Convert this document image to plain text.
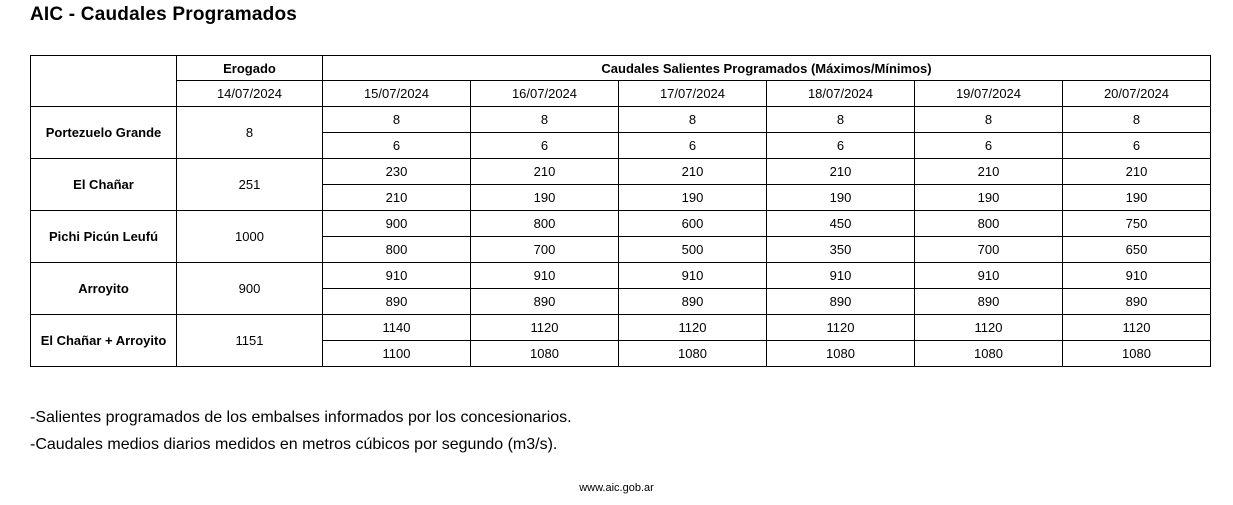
AIC - Caudales Programados
	Erogado	Caudales Salientes Programados (Máximos/Mínimos)					
	14/07/2024	15/07/2024	16/07/2024	17/07/2024	18/07/2024	19/07/2024	20/07/2024
Portezuelo Grande	8	8	8	8	8	8	8
		6	6	6	6	6	6
El Chañar	251	230	210	210	210	210	210
		210	190	190	190	190	190
Pichi Picún Leufú	1000	900	800	600	450	800	750
		800	700	500	350	700	650
Arroyito	900	910	910	910	910	910	910
		890	890	890	890	890	890
El Chañar + Arroyito	1151	1140	1120	1120	1120	1120	1120
		1100	1080	1080	1080	1080	1080
-Salientes programados de los embalses informados por los concesionarios.
-Caudales medios diarios medidos en metros cúbicos por segundo (m3/s).
www.aic.gob.ar
